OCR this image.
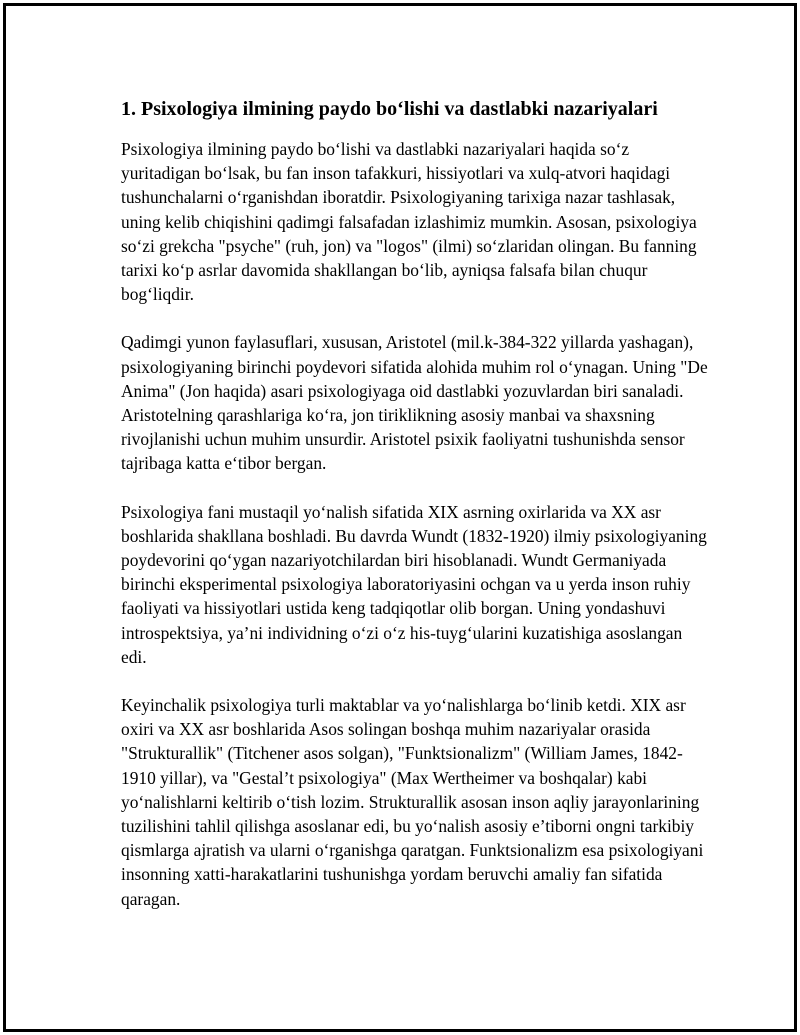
1. Psixologiya ilmining paydo bo‘lishi va dastlabki nazariyalari

Psixologiya ilmining paydo bo‘lishi va dastlabki nazariyalari haqida so‘z yuritadigan bo‘lsak, bu fan inson tafakkuri, hissiyotlari va xulq-atvori haqidagi tushunchalarni o‘rganishdan iboratdir. Psixologiyaning tarixiga nazar tashlasak, uning kelib chiqishini qadimgi falsafadan izlashimiz mumkin. Asosan, psixologiya so‘zi grekcha "psyche" (ruh, jon) va "logos" (ilmi) so‘zlaridan olingan. Bu fanning tarixi ko‘p asrlar davomida shakllangan bo‘lib, ayniqsa falsafa bilan chuqur bog‘liqdir.

Qadimgi yunon faylasuflari, xususan, Aristotel (mil.k-384-322 yillarda yashagan), psixologiyaning birinchi poydevori sifatida alohida muhim rol o‘ynagan. Uning "De Anima" (Jon haqida) asari psixologiyaga oid dastlabki yozuvlardan biri sanaladi. Aristotelning qarashlariga ko‘ra, jon tiriklikning asosiy manbai va shaxsning rivojlanishi uchun muhim unsurdir. Aristotel psixik faoliyatni tushunishda sensor tajribaga katta e‘tibor bergan.

Psixologiya fani mustaqil yo‘nalish sifatida XIX asrning oxirlarida va XX asr boshlarida shakllana boshladi. Bu davrda Wundt (1832-1920) ilmiy psixologiyaning poydevorini qo‘ygan nazariyotchilardan biri hisoblanadi. Wundt Germaniyada birinchi eksperimental psixologiya laboratoriyasini ochgan va u yerda inson ruhiy faoliyati va hissiyotlari ustida keng tadqiqotlar olib borgan. Uning yondashuvi introspektsiya, ya’ni individning o‘zi o‘z his-tuyg‘ularini kuzatishiga asoslangan edi.

Keyinchalik psixologiya turli maktablar va yo‘nalishlarga bo‘linib ketdi. XIX asr oxiri va XX asr boshlarida Asos solingan boshqa muhim nazariyalar orasida "Strukturallik" (Titchener asos solgan), "Funktsionalizm" (William James, 1842-1910 yillar), va "Gestal’t psixologiya" (Max Wertheimer va boshqalar) kabi yo‘nalishlarni keltirib o‘tish lozim. Strukturallik asosan inson aqliy jarayonlarining tuzilishini tahlil qilishga asoslanar edi, bu yo‘nalish asosiy e’tiborni ongni tarkibiy qismlarga ajratish va ularni o‘rganishga qaratgan. Funktsionalizm esa psixologiyani insonning xatti-harakatlarini tushunishga yordam beruvchi amaliy fan sifatida qaragan.
